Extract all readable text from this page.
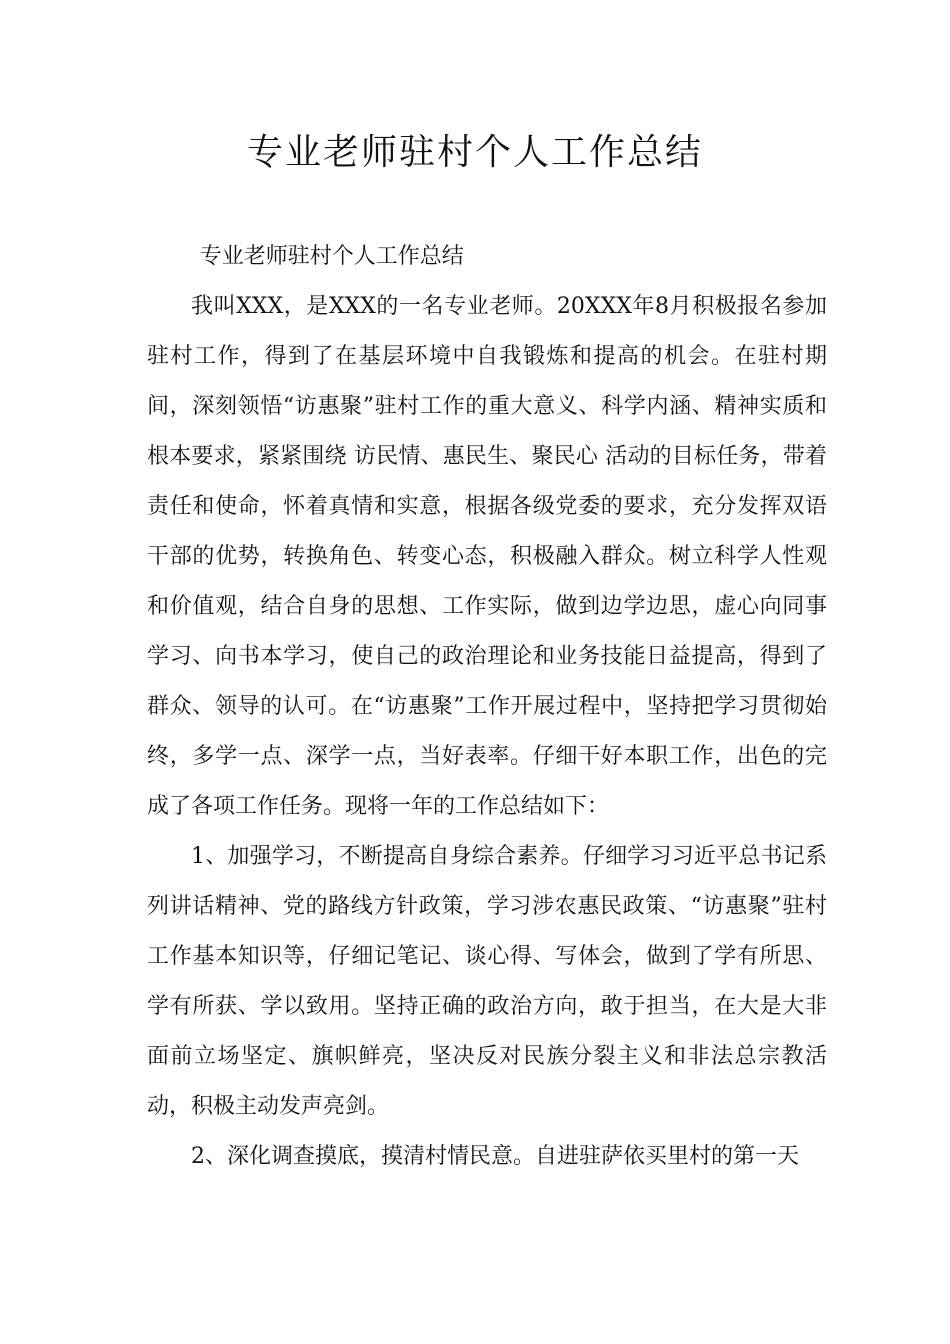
专业老师驻村个人工作总结

专业老师驻村个人工作总结

我叫XXX，是XXX的一名专业老师。20XXX年8月积极报名参加驻村工作，得到了在基层环境中自我锻炼和提高的机会。在驻村期间，深刻领悟“访惠聚”驻村工作的重大意义、科学内涵、精神实质和根本要求，紧紧围绕 访民情、惠民生、聚民心 活动的目标任务，带着责任和使命，怀着真情和实意，根据各级党委的要求，充分发挥双语干部的优势，转换角色、转变心态，积极融入群众。树立科学人性观和价值观，结合自身的思想、工作实际，做到边学边思，虚心向同事学习、向书本学习，使自己的政治理论和业务技能日益提高，得到了群众、领导的认可。在“访惠聚”工作开展过程中，坚持把学习贯彻始终，多学一点、深学一点，当好表率。仔细干好本职工作，出色的完成了各项工作任务。现将一年的工作总结如下：

1、加强学习，不断提高自身综合素养。仔细学习习近平总书记系列讲话精神、党的路线方针政策，学习涉农惠民政策、“访惠聚”驻村工作基本知识等，仔细记笔记、谈心得、写体会，做到了学有所思、学有所获、学以致用。坚持正确的政治方向，敢于担当，在大是大非面前立场坚定、旗帜鲜亮，坚决反对民族分裂主义和非法总宗教活动，积极主动发声亮剑。

2、深化调查摸底，摸清村情民意。自进驻萨依买里村的第一天
